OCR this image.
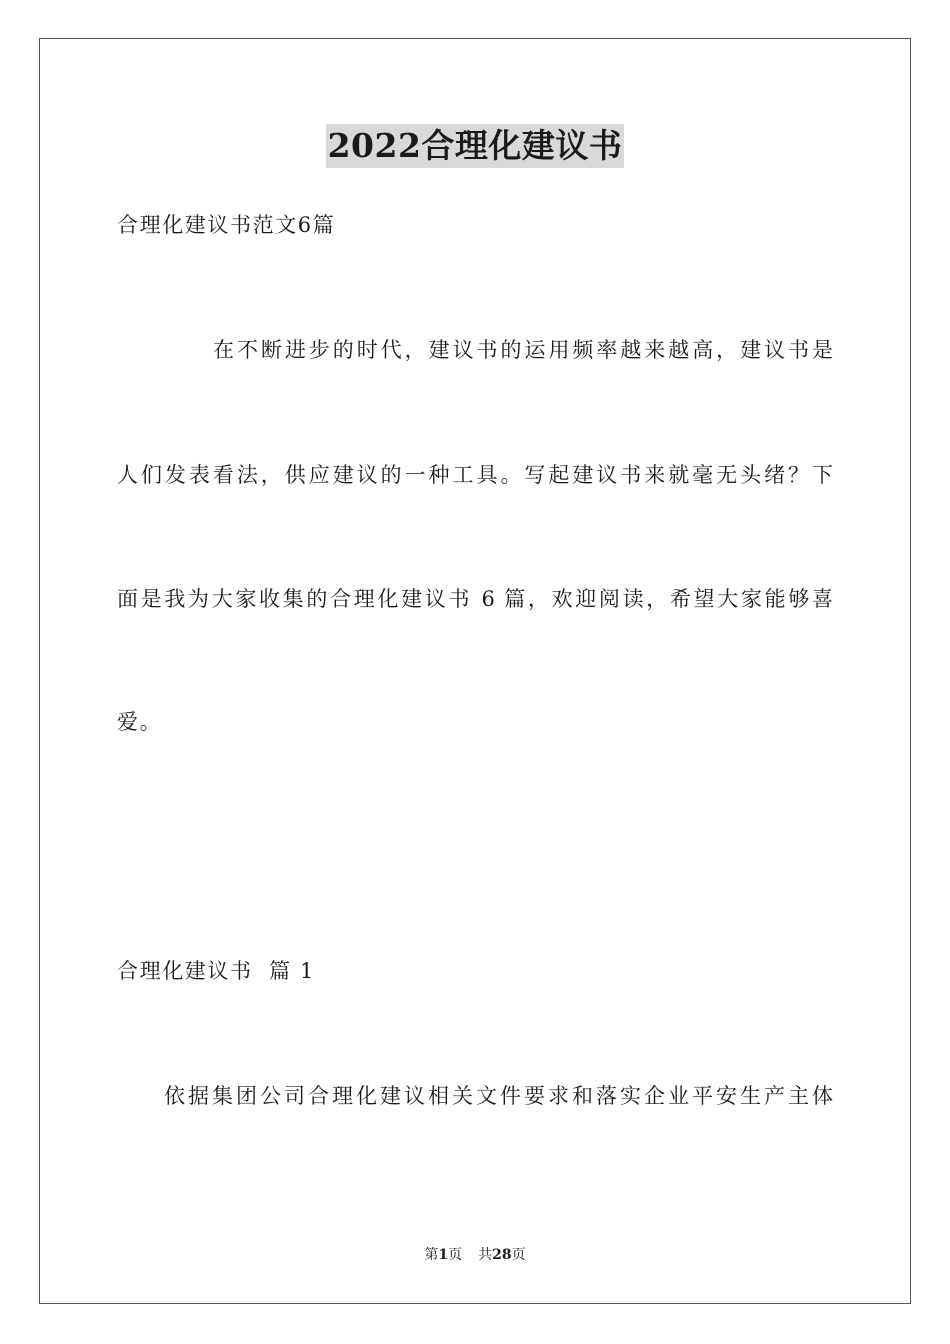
2022合理化建议书
合理化建议书范文6篇
在不断进步的时代，建议书的运用频率越来越高，建议书是
人们发表看法，供应建议的一种工具。写起建议书来就毫无头绪？下
面是我为大家收集的合理化建议书 6 篇，欢迎阅读，希望大家能够喜
爱。
合理化建议书  篇 1
依据集团公司合理化建议相关文件要求和落实企业平安生产主体
第1页 共28页
